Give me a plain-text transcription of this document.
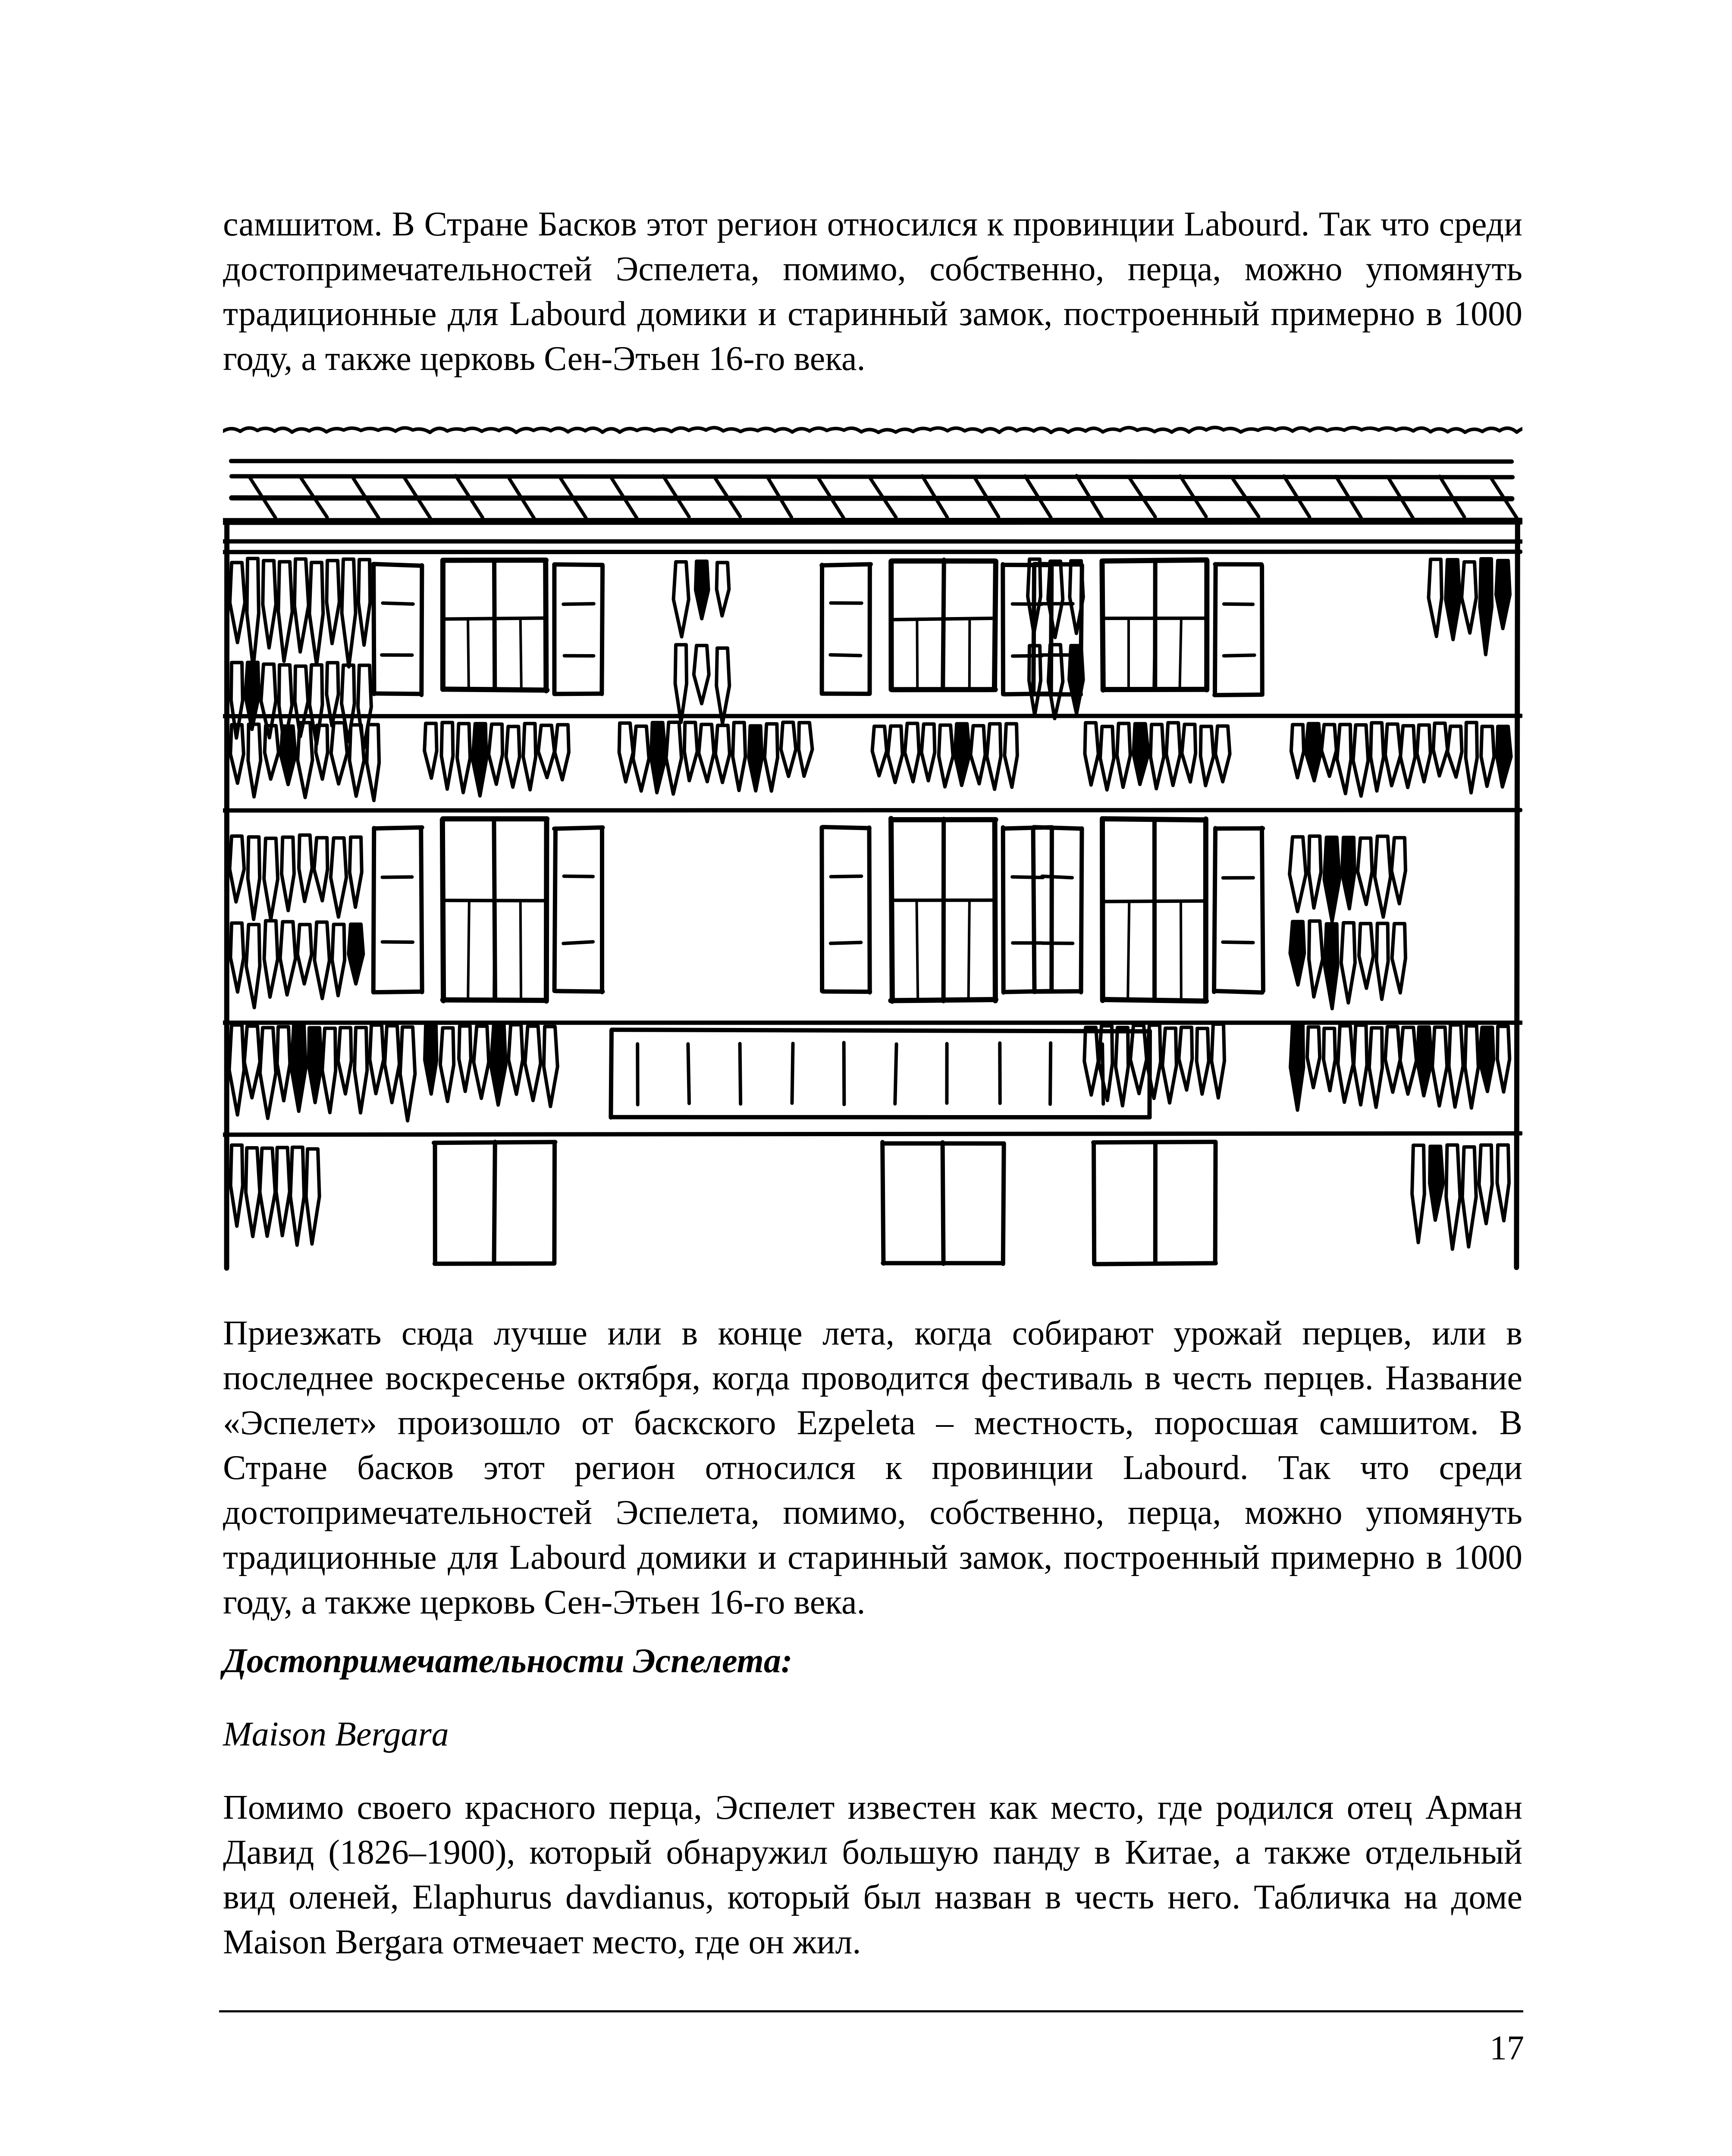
самшитом. В Стране Басков этот регион относился к провинции Labourd. Так что среди достопримечательностей Эспелета, помимо, собственно, перца, можно упомянуть традиционные для Labourd домики и старинный замок, построенный примерно в 1000 году, а также церковь Сен-Этьен 16-го века.

Приезжать сюда лучше или в конце лета, когда собирают урожай перцев, или в последнее воскресенье октября, когда проводится фестиваль в честь перцев. Название «Эспелет» произошло от баскского Ezpeleta – местность, поросшая самшитом. В Стране басков этот регион относился к провинции Labourd. Так что среди достопримечательностей Эспелета, помимо, собственно, перца, можно упомянуть традиционные для Labourd домики и старинный замок, построенный примерно в 1000 году, а также церковь Сен-Этьен 16-го века.

Достопримечательности Эспелета:

Maison Bergara

Помимо своего красного перца, Эспелет известен как место, где родился отец Арман Давид (1826–1900), который обнаружил большую панду в Китае, а также отдельный вид оленей, Elaphurus davdianus, который был назван в честь него. Табличка на доме Maison Bergara отмечает место, где он жил.

17
